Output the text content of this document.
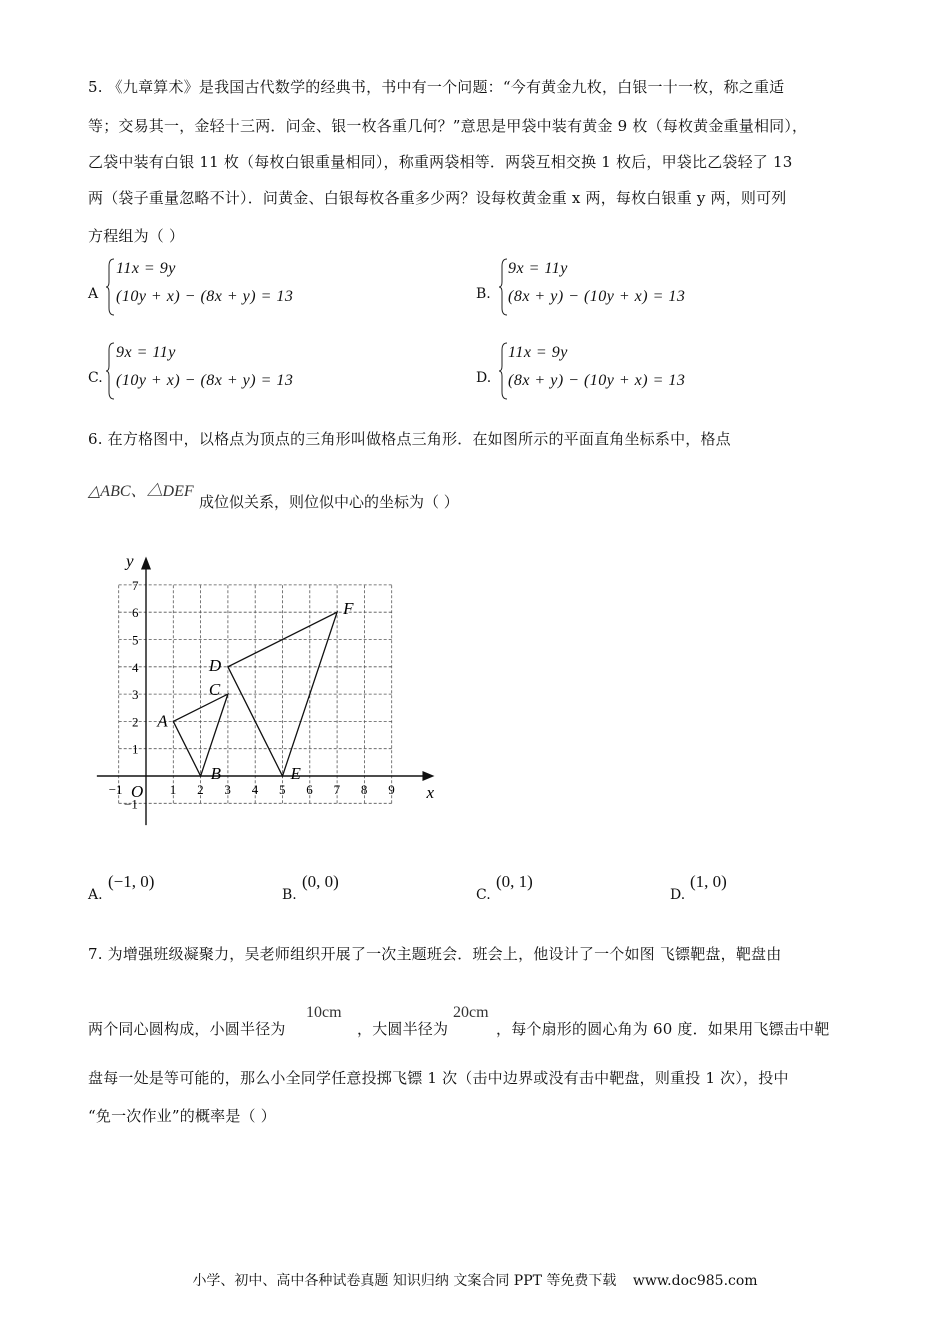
5. 《九章算术》是我国古代数学的经典书，书中有一个问题：“今有黄金九枚，白银一十一枚，称之重适
等；交易其一，金轻十三两．问金、银一枚各重几何？”意思是甲袋中装有黄金 9 枚（每枚黄金重量相同），
乙袋中装有白银 11 枚（每枚白银重量相同），称重两袋相等．两袋互相交换 1 枚后，甲袋比乙袋轻了 13
两（袋子重量忽略不计）．问黄金、白银每枚各重多少两？设每枚黄金重 x 两，每枚白银重 y 两，则可列
方程组为（ ）
A
11x = 9y
(10y + x) − (8x + y) = 13	B.
9x = 11y
(8x + y) − (10y + x) = 13
C.
9x = 11y
(10y + x) − (8x + y) = 13	D.
11x = 9y
(8x + y) − (10y + x) = 13
6. 在方格图中，以格点为顶点的三角形叫做格点三角形．在如图所示的平面直角坐标系中，格点
△ABC、△DEF
成位似关系，则位似中心的坐标为（ ）
x
y
O
−1	1 2 3 4 5 6 7 8 9
−1
1
2
3
4
5
6
7
A
B
C
D
E
F
A.
(−1, 0)
B.
(0, 0)
C.
(0, 1)
D.
(1, 0)
7. 为增强班级凝聚力，吴老师组织开展了一次主题班会．班会上，他设计了一个如图 飞镖靶盘，靶盘由
两个同心圆构成，小圆半径为
10cm
，大圆半径为
20cm
，每个扇形的圆心角为 60 度．如果用飞镖击中靶
盘每一处是等可能的，那么小全同学任意投掷飞镖 1 次（击中边界或没有击中靶盘，则重投 1 次），投中
“免一次作业”的概率是（ ）
小学、初中、高中各种试卷真题 知识归纳 文案合同 PPT 等免费下载 www.doc985.com
